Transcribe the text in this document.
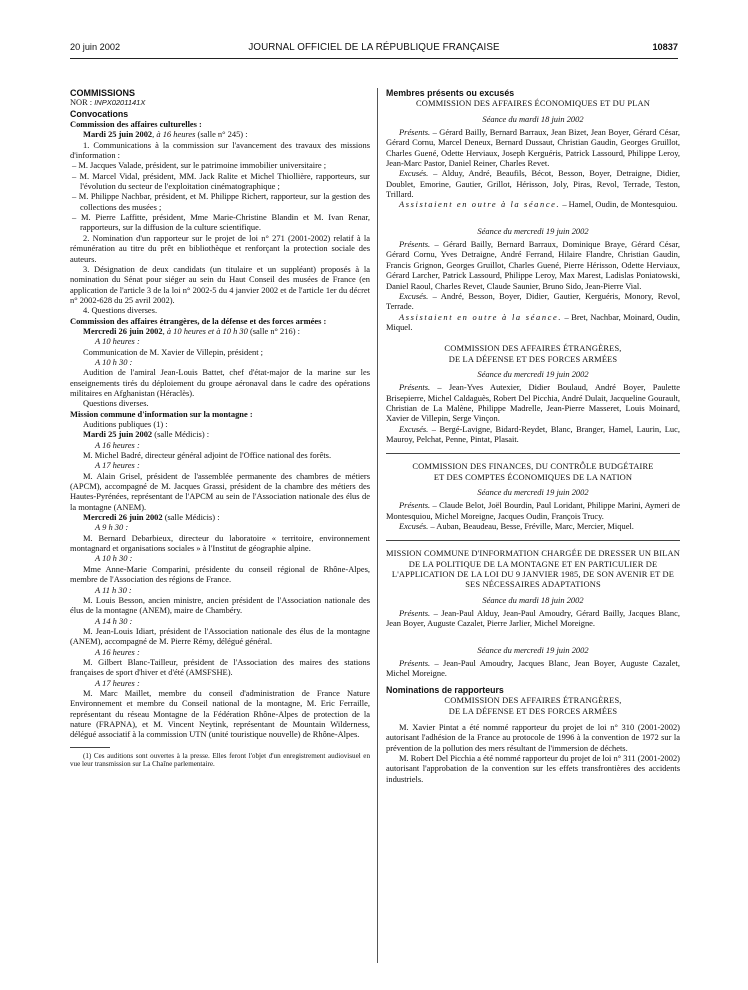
20 juin 2002	JOURNAL OFFICIEL DE LA RÉPUBLIQUE FRANÇAISE	10837

COMMISSIONS

NOR : INPX0201141X

Convocations

Commission des affaires culturelles :

Mardi 25 juin 2002, à 16 heures (salle n° 245) :

1. Communications à la commission sur l'avancement des travaux des missions d'information :

– M. Jacques Valade, président, sur le patrimoine immobilier universitaire ;

– M. Marcel Vidal, président, MM. Jack Ralite et Michel Thiollière, rapporteurs, sur l'évolution du secteur de l'exploitation cinématographique ;

– M. Philippe Nachbar, président, et M. Philippe Richert, rapporteur, sur la gestion des collections des musées ;

– M. Pierre Laffitte, président, Mme Marie-Christine Blandin et M. Ivan Renar, rapporteurs, sur la diffusion de la culture scientifique.

2. Nomination d'un rapporteur sur le projet de loi n° 271 (2001-2002) relatif à la rémunération au titre du prêt en bibliothèque et renforçant la protection sociale des auteurs.

3. Désignation de deux candidats (un titulaire et un suppléant) proposés à la nomination du Sénat pour siéger au sein du Haut Conseil des musées de France (en application de l'article 3 de la loi n° 2002-5 du 4 janvier 2002 et de l'article 1er du décret n° 2002-628 du 25 avril 2002).

4. Questions diverses.

Commission des affaires étrangères, de la défense et des forces armées :

Mercredi 26 juin 2002, à 10 heures et à 10 h 30 (salle n° 216) :

A 10 heures :

Communication de M. Xavier de Villepin, président ;

A 10 h 30 :

Audition de l'amiral Jean-Louis Battet, chef d'état-major de la marine sur les enseignements tirés du déploiement du groupe aéronaval dans le cadre des opérations militaires en Afghanistan (Héraclès).

Questions diverses.

Mission commune d'information sur la montagne :

Auditions publiques (1) :

Mardi 25 juin 2002 (salle Médicis) :

A 16 heures :

M. Michel Badré, directeur général adjoint de l'Office national des forêts.

A 17 heures :

M. Alain Grisel, président de l'assemblée permanente des chambres de métiers (APCM), accompagné de M. Jacques Grassi, président de la chambre des métiers des Hautes-Pyrénées, représentant de l'APCM au sein de l'Association nationale des élus de la montagne (ANEM).

Mercredi 26 juin 2002 (salle Médicis) :

A 9 h 30 :

M. Bernard Debarbieux, directeur du laboratoire « territoire, environnement montagnard et organisations sociales » à l'Institut de géographie alpine.

A 10 h 30 :

Mme Anne-Marie Comparini, présidente du conseil régional de Rhône-Alpes, membre de l'Association des régions de France.

A 11 h 30 :

M. Louis Besson, ancien ministre, ancien président de l'Association nationale des élus de la montagne (ANEM), maire de Chambéry.

A 14 h 30 :

M. Jean-Louis Idiart, président de l'Association nationale des élus de la montagne (ANEM), accompagné de M. Pierre Rémy, délégué général.

A 16 heures :

M. Gilbert Blanc-Tailleur, président de l'Association des maires des stations françaises de sport d'hiver et d'été (AMSFSHE).

A 17 heures :

M. Marc Maillet, membre du conseil d'administration de France Nature Environnement et membre du Conseil national de la montagne, M. Eric Ferraille, représentant du réseau Montagne de la Fédération Rhône-Alpes de protection de la nature (FRAPNA), et M. Vincent Neytink, représentant de Mountain Wilderness, délégué associatif à la commission UTN (unité touristique nouvelle) de Rhône-Alpes.

(1) Ces auditions sont ouvertes à la presse. Elles feront l'objet d'un enregistrement audiovisuel en vue leur transmission sur La Chaîne parlementaire.

Membres présents ou excusés

COMMISSION DES AFFAIRES ÉCONOMIQUES ET DU PLAN

Séance du mardi 18 juin 2002

Présents. – Gérard Bailly, Bernard Barraux, Jean Bizet, Jean Boyer, Gérard César, Gérard Cornu, Marcel Deneux, Bernard Dussaut, Christian Gaudin, Georges Gruillot, Charles Guené, Odette Herviaux, Joseph Kerguéris, Patrick Lassourd, Philippe Leroy, Jean-Marc Pastor, Daniel Reiner, Charles Revet.

Excusés. – Alduy, André, Beaufils, Bécot, Besson, Boyer, Detraigne, Didier, Doublet, Emorine, Gautier, Grillot, Hérisson, Joly, Piras, Revol, Terrade, Teston, Trillard.

Assistaient en outre à la séance. – Hamel, Oudin, de Montesquiou.

Séance du mercredi 19 juin 2002

Présents. – Gérard Bailly, Bernard Barraux, Dominique Braye, Gérard César, Gérard Cornu, Yves Detraigne, André Ferrand, Hilaire Flandre, Christian Gaudin, Francis Grignon, Georges Gruillot, Charles Guené, Pierre Hérisson, Odette Herviaux, Gérard Larcher, Patrick Lassourd, Philippe Leroy, Max Marest, Ladislas Poniatowski, Daniel Raoul, Charles Revet, Claude Saunier, Bruno Sido, Jean-Pierre Vial.

Excusés. – André, Besson, Boyer, Didier, Gautier, Kerguéris, Monory, Revol, Terrade.

Assistaient en outre à la séance. – Bret, Nachbar, Moinard, Oudin, Miquel.

COMMISSION DES AFFAIRES ÉTRANGÈRES,

DE LA DÉFENSE ET DES FORCES ARMÉES

Séance du mercredi 19 juin 2002

Présents. – Jean-Yves Autexier, Didier Boulaud, André Boyer, Paulette Brisepierre, Michel Caldaguès, Robert Del Picchia, André Dulait, Jacqueline Gourault, Christian de La Malène, Philippe Madrelle, Jean-Pierre Masseret, Louis Moinard, Xavier de Villepin, Serge Vinçon.

Excusés. – Bergé-Lavigne, Bidard-Reydet, Blanc, Branger, Hamel, Laurin, Luc, Mauroy, Pelchat, Penne, Pintat, Plasait.

COMMISSION DES FINANCES, DU CONTRÔLE BUDGÉTAIRE

ET DES COMPTES ÉCONOMIQUES DE LA NATION

Séance du mercredi 19 juin 2002

Présents. – Claude Belot, Joël Bourdin, Paul Loridant, Philippe Marini, Aymeri de Montesquiou, Michel Moreigne, Jacques Oudin, François Trucy.

Excusés. – Auban, Beaudeau, Besse, Fréville, Marc, Mercier, Miquel.

MISSION COMMUNE D'INFORMATION CHARGÉE DE DRESSER UN BILAN DE LA POLITIQUE DE LA MONTAGNE ET EN PARTICULIER DE L'APPLICATION DE LA LOI DU 9 JANVIER 1985, DE SON AVENIR ET DE SES NÉCESSAIRES ADAPTATIONS

Séance du mardi 18 juin 2002

Présents. – Jean-Paul Alduy, Jean-Paul Amoudry, Gérard Bailly, Jacques Blanc, Jean Boyer, Auguste Cazalet, Pierre Jarlier, Michel Moreigne.

Séance du mercredi 19 juin 2002

Présents. – Jean-Paul Amoudry, Jacques Blanc, Jean Boyer, Auguste Cazalet, Michel Moreigne.

Nominations de rapporteurs

COMMISSION DES AFFAIRES ÉTRANGÈRES,

DE LA DÉFENSE ET DES FORCES ARMÉES

M. Xavier Pintat a été nommé rapporteur du projet de loi n° 310 (2001-2002) autorisant l'adhésion de la France au protocole de 1996 à la convention de 1972 sur la prévention de la pollution des mers résultant de l'immersion de déchets.

M. Robert Del Picchia a été nommé rapporteur du projet de loi n° 311 (2001-2002) autorisant l'approbation de la convention sur les effets transfrontières des accidents industriels.
